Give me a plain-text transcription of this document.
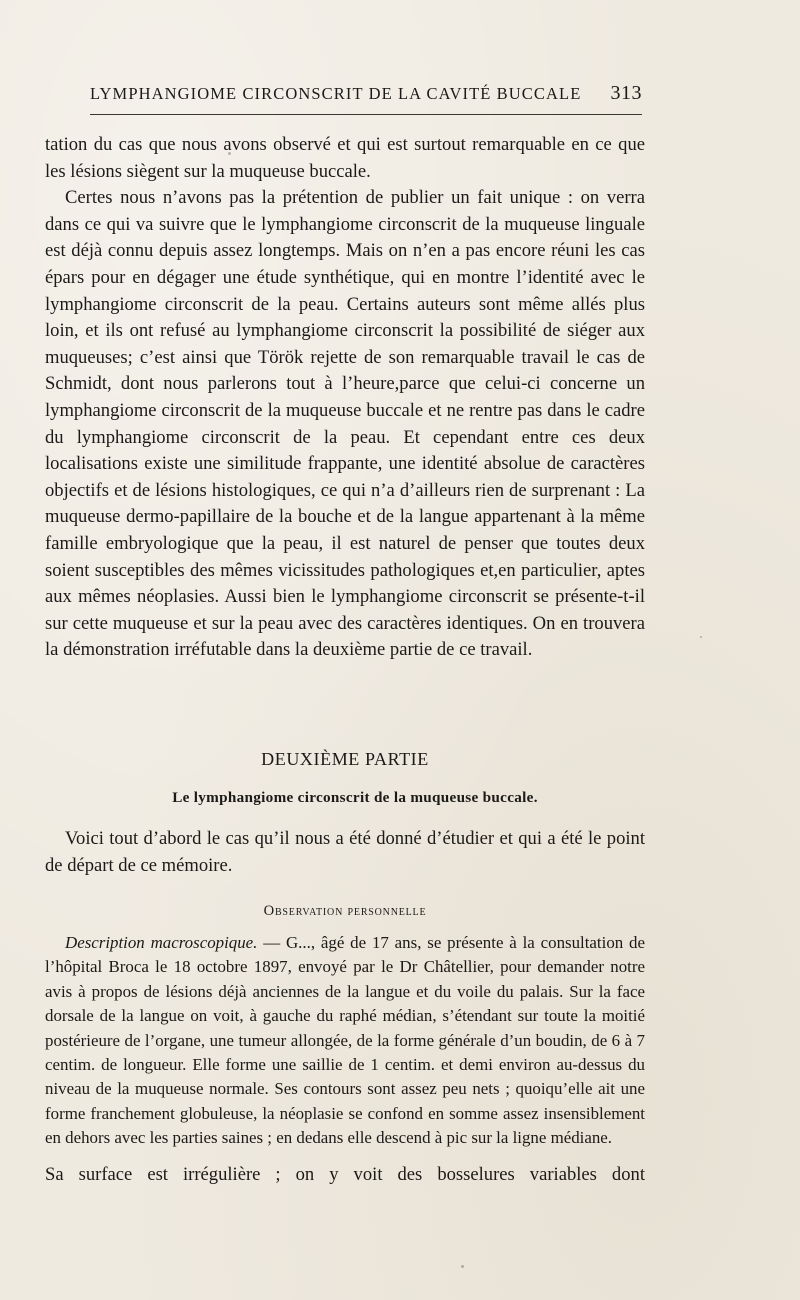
LYMPHANGIOME CIRCONSCRIT DE LA CAVITÉ BUCCALE 313

tation du cas que nous avons observé et qui est surtout remarquable en ce que les lésions siègent sur la muqueuse buccale.

Certes nous n’avons pas la prétention de publier un fait unique : on verra dans ce qui va suivre que le lymphangiome circonscrit de la muqueuse linguale est déjà connu depuis assez longtemps. Mais on n’en a pas encore réuni les cas épars pour en dégager une étude synthétique, qui en montre l’identité avec le lymphangiome circonscrit de la peau. Certains auteurs sont même allés plus loin, et ils ont refusé au lymphangiome circonscrit la possibilité de siéger aux muqueuses; c’est ainsi que Török rejette de son remarquable travail le cas de Schmidt, dont nous parlerons tout à l’heure,parce que celui-ci concerne un lymphangiome circonscrit de la muqueuse buccale et ne rentre pas dans le cadre du lymphangiome circonscrit de la peau. Et cependant entre ces deux localisations existe une similitude frappante, une identité absolue de caractères objectifs et de lésions histologiques, ce qui n’a d’ailleurs rien de surprenant : La muqueuse dermo-papillaire de la bouche et de la langue appartenant à la même famille embryologique que la peau, il est naturel de penser que toutes deux soient susceptibles des mêmes vicissitudes pathologiques et,en particulier, aptes aux mêmes néoplasies. Aussi bien le lymphangiome circonscrit se présente-t-il sur cette muqueuse et sur la peau avec des caractères identiques. On en trouvera la démonstration irréfutable dans la deuxième partie de ce travail.

DEUXIÈME PARTIE
Le lymphangiome circonscrit de la muqueuse buccale.

Voici tout d’abord le cas qu’il nous a été donné d’étudier et qui a été le point de départ de ce mémoire.

Observation personnelle

Description macroscopique. — G..., âgé de 17 ans, se présente à la consultation de l’hôpital Broca le 18 octobre 1897, envoyé par le Dr Châtellier, pour demander notre avis à propos de lésions déjà anciennes de la langue et du voile du palais. Sur la face dorsale de la langue on voit, à gauche du raphé médian, s’étendant sur toute la moitié postérieure de l’organe, une tumeur allongée, de la forme générale d’un boudin, de 6 à 7 centim. de longueur. Elle forme une saillie de 1 centim. et demi environ au-dessus du niveau de la muqueuse normale. Ses contours sont assez peu nets ; quoiqu’elle ait une forme franchement globuleuse, la néoplasie se confond en somme assez insensiblement en dehors avec les parties saines ; en dedans elle descend à pic sur la ligne médiane.

Sa surface est irrégulière ; on y voit des bosselures variables dont
